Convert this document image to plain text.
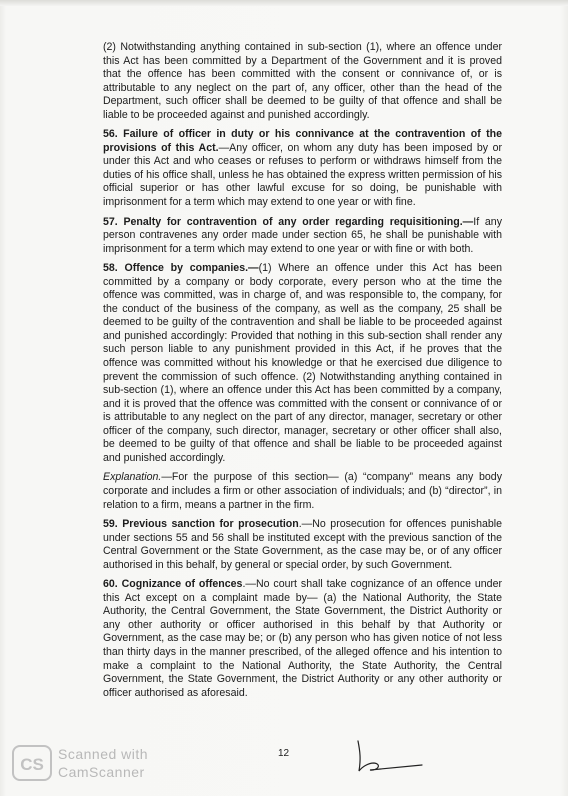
(2) Notwithstanding anything contained in sub-section (1), where an offence under this Act has been committed by a Department of the Government and it is proved that the offence has been committed with the consent or connivance of, or is attributable to any neglect on the part of, any officer, other than the head of the Department, such officer shall be deemed to be guilty of that offence and shall be liable to be proceeded against and punished accordingly.

56. Failure of officer in duty or his connivance at the contravention of the provisions of this Act.—Any officer, on whom any duty has been imposed by or under this Act and who ceases or refuses to perform or withdraws himself from the duties of his office shall, unless he has obtained the express written permission of his official superior or has other lawful excuse for so doing, be punishable with imprisonment for a term which may extend to one year or with fine.

57. Penalty for contravention of any order regarding requisitioning.—If any person contravenes any order made under section 65, he shall be punishable with imprisonment for a term which may extend to one year or with fine or with both.

58. Offence by companies.—(1) Where an offence under this Act has been committed by a company or body corporate, every person who at the time the offence was committed, was in charge of, and was responsible to, the company, for the conduct of the business of the company, as well as the company, 25 shall be deemed to be guilty of the contravention and shall be liable to be proceeded against and punished accordingly: Provided that nothing in this sub-section shall render any such person liable to any punishment provided in this Act, if he proves that the offence was committed without his knowledge or that he exercised due diligence to prevent the commission of such offence. (2) Notwithstanding anything contained in sub-section (1), where an offence under this Act has been committed by a company, and it is proved that the offence was committed with the consent or connivance of or is attributable to any neglect on the part of any director, manager, secretary or other officer of the company, such director, manager, secretary or other officer shall also, be deemed to be guilty of that offence and shall be liable to be proceeded against and punished accordingly.

Explanation.—For the purpose of this section— (a) “company” means any body corporate and includes a firm or other association of individuals; and (b) “director”, in relation to a firm, means a partner in the firm.

59. Previous sanction for prosecution.—No prosecution for offences punishable under sections 55 and 56 shall be instituted except with the previous sanction of the Central Government or the State Government, as the case may be, or of any officer authorised in this behalf, by general or special order, by such Government.

60. Cognizance of offences.—No court shall take cognizance of an offence under this Act except on a complaint made by— (a) the National Authority, the State Authority, the Central Government, the State Government, the District Authority or any other authority or officer authorised in this behalf by that Authority or Government, as the case may be; or (b) any person who has given notice of not less than thirty days in the manner prescribed, of the alleged offence and his intention to make a complaint to the National Authority, the State Authority, the Central Government, the State Government, the District Authority or any other authority or officer authorised as aforesaid.

12
CS
Scanned with
CamScanner
